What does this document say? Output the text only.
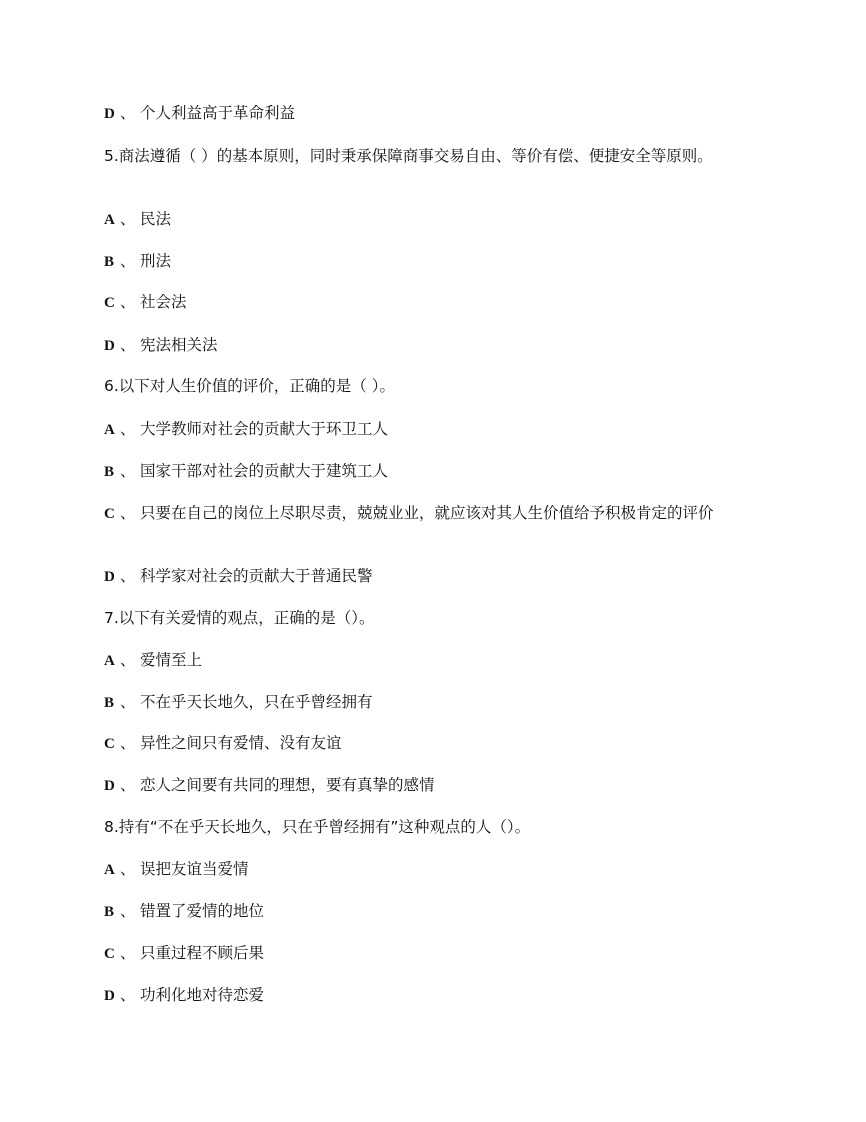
D 、 个人利益高于革命利益
5.商法遵循（ ）的基本原则，同时秉承保障商事交易自由、等价有偿、便捷安全等原则。
A 、 民法
B 、 刑法
C 、 社会法
D 、 宪法相关法
6.以下对人生价值的评价，正确的是（ ）。
A 、 大学教师对社会的贡献大于环卫工人
B 、 国家干部对社会的贡献大于建筑工人
C 、 只要在自己的岗位上尽职尽责，兢兢业业，就应该对其人生价值给予积极肯定的评价
D 、 科学家对社会的贡献大于普通民警
7.以下有关爱情的观点，正确的是（）。
A 、 爱情至上
B 、 不在乎天长地久，只在乎曾经拥有
C 、 异性之间只有爱情、没有友谊
D 、 恋人之间要有共同的理想，要有真挚的感情
8.持有“不在乎天长地久，只在乎曾经拥有”这种观点的人（）。
A 、 误把友谊当爱情
B 、 错置了爱情的地位
C 、 只重过程不顾后果
D 、 功利化地对待恋爱
